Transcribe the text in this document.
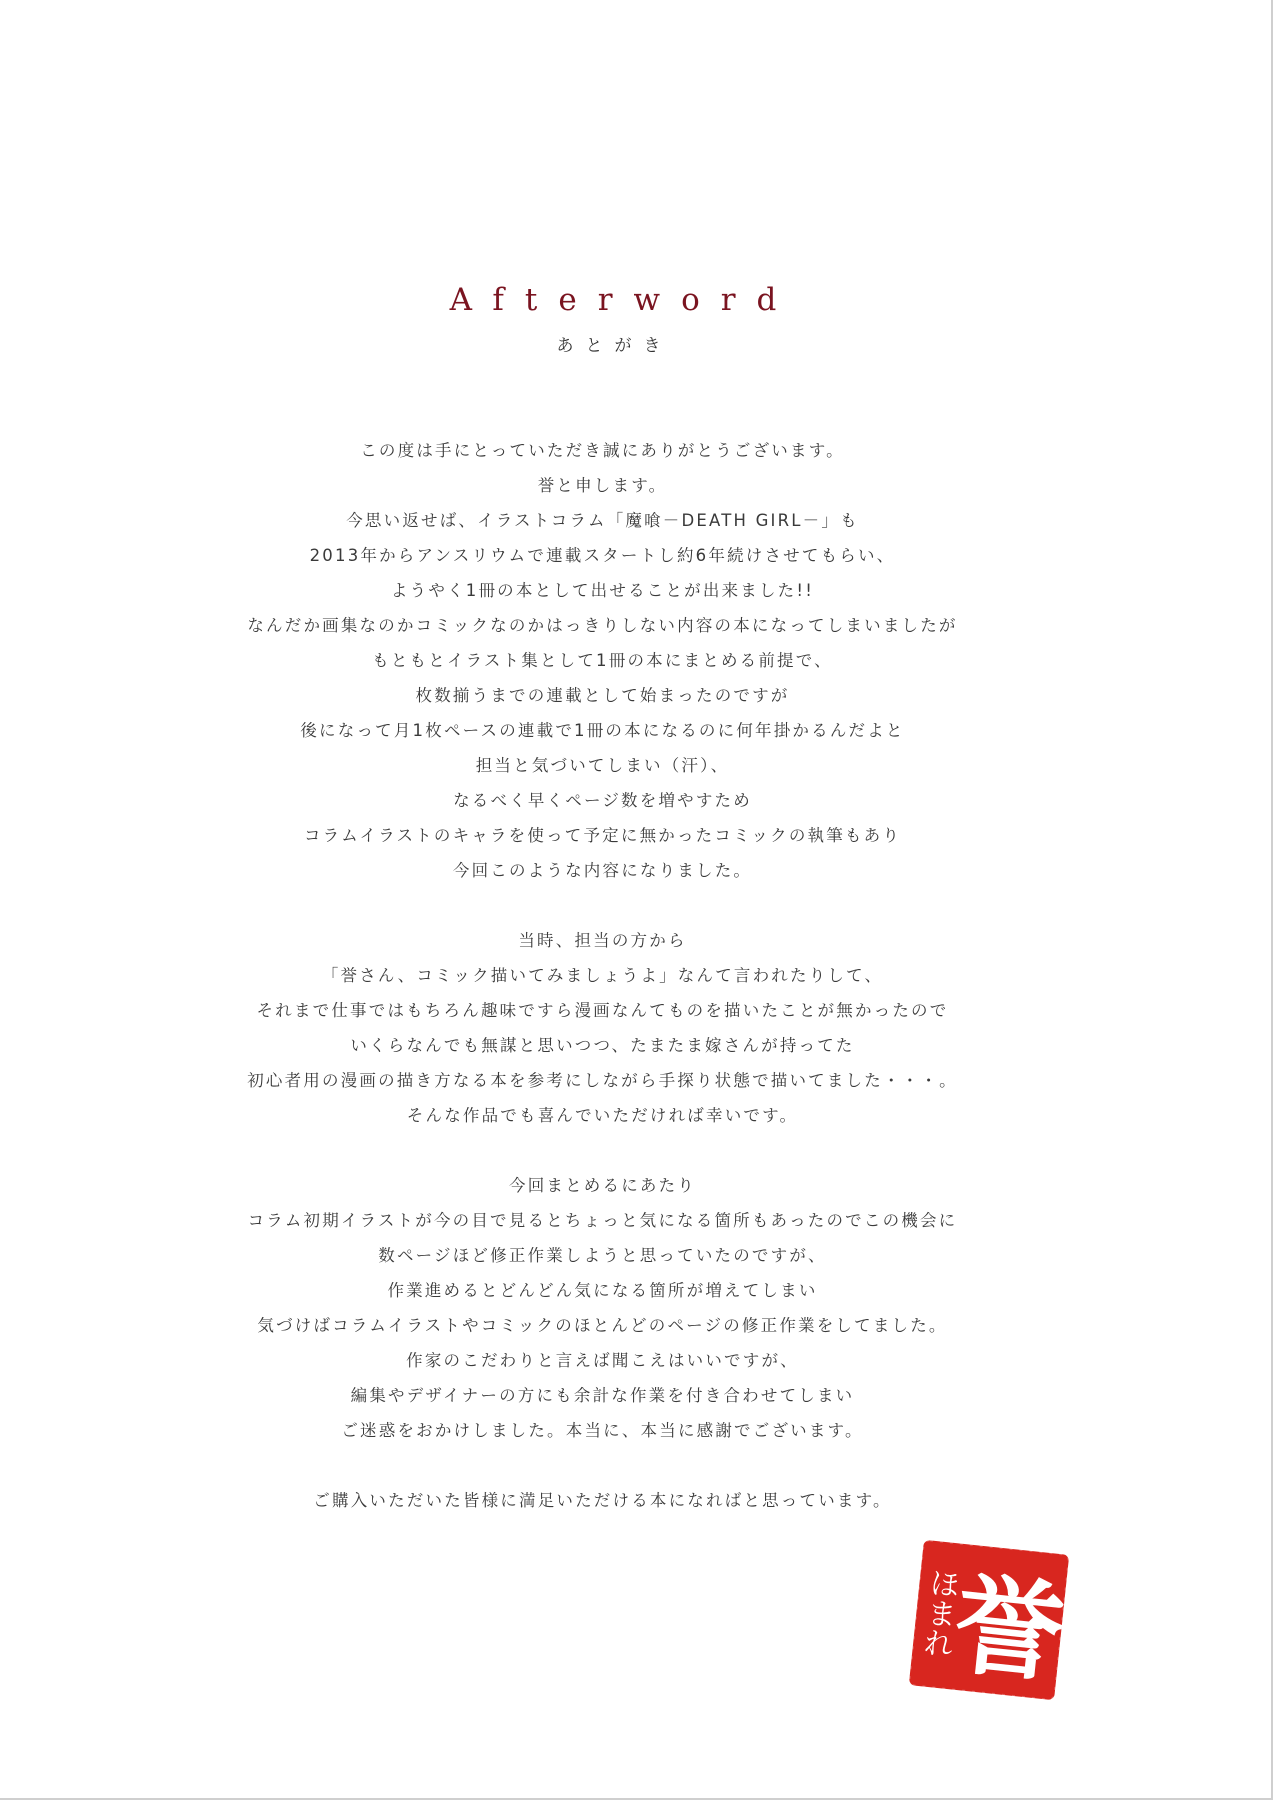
Afterword

あとがき

この度は手にとっていただき誠にありがとうございます。
誉と申します。
今思い返せば、イラストコラム「魔喰－DEATH GIRL－」も
2013年からアンスリウムで連載スタートし約6年続けさせてもらい、
ようやく1冊の本として出せることが出来ました!!
なんだか画集なのかコミックなのかはっきりしない内容の本になってしまいましたが
もともとイラスト集として1冊の本にまとめる前提で、
枚数揃うまでの連載として始まったのですが
後になって月1枚ペースの連載で1冊の本になるのに何年掛かるんだよと
担当と気づいてしまい（汗）、
なるべく早くページ数を増やすため
コラムイラストのキャラを使って予定に無かったコミックの執筆もあり
今回このような内容になりました。
当時、担当の方から
「誉さん、コミック描いてみましょうよ」なんて言われたりして、
それまで仕事ではもちろん趣味ですら漫画なんてものを描いたことが無かったので
いくらなんでも無謀と思いつつ、たまたま嫁さんが持ってた
初心者用の漫画の描き方なる本を参考にしながら手探り状態で描いてました・・・。
そんな作品でも喜んでいただければ幸いです。
今回まとめるにあたり
コラム初期イラストが今の目で見るとちょっと気になる箇所もあったのでこの機会に
数ページほど修正作業しようと思っていたのですが、
作業進めるとどんどん気になる箇所が増えてしまい
気づけばコラムイラストやコミックのほとんどのページの修正作業をしてました。
作家のこだわりと言えば聞こえはいいですが、
編集やデザイナーの方にも余計な作業を付き合わせてしまい
ご迷惑をおかけしました。本当に、本当に感謝でございます。
ご購入いただいた皆様に満足いただける本になればと思っています。
ほまれ
誉
